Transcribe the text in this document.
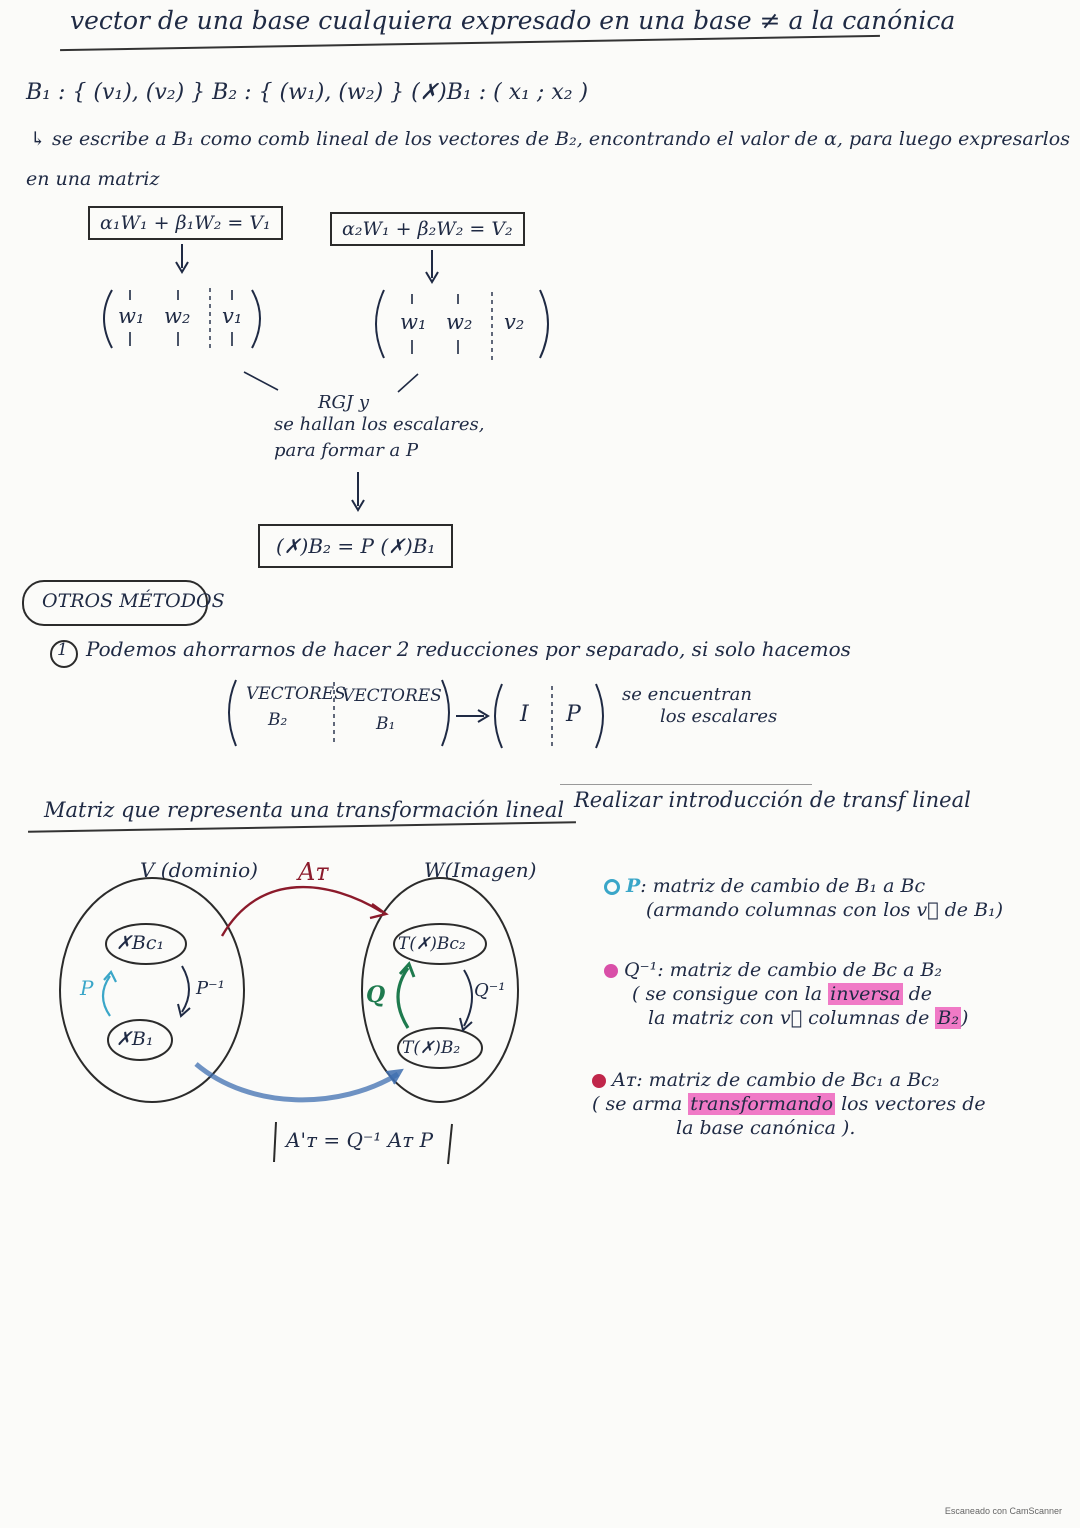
vector de una base cualquiera expresado en una base ≠ a la canónica
B₁ : { (v₁), (v₂) } B₂ : { (w₁), (w₂) } (✗)B₁ : ( x₁ ; x₂ )
↳ se escribe a B₁ como comb lineal de los vectores de B₂, encontrando el valor de α, para luego expresarlos
en una matriz
α₁W₁ + β₁W₂ = V₁	α₂W₁ + β₂W₂ = V₂
w₁ w₂ v₁	w₁ w₂ v₂
RGJ y
se hallan los escalares,
para formar a P
(✗)B₂ = P (✗)B₁
OTROS MÉTODOS
1 Podemos ahorrarnos de hacer 2 reducciones por separado, si solo hacemos
VECTORES
VECTORES
B₂	B₁	I P
se encuentran
los escalares
Matriz que representa una transformación lineal Realizar introducción de transf lineal
V (dominio)	W(Imagen)
Aᴛ
✗Bc₁
✗B₁
T(✗)Bc₂
T(✗)B₂
P	P⁻¹	Q	Q⁻¹
A'ᴛ = Q⁻¹ Aᴛ P
P: matriz de cambio de B₁ a Bc
(armando columnas con los v⃗ de B₁)
Q⁻¹: matriz de cambio de Bc a B₂
( se consigue con la inversa de
la matriz con v⃗ columnas de B₂ )
Aᴛ: matriz de cambio de Bc₁ a Bc₂
( se arma transformando los vectores de
la base canónica ).
Escaneado con CamScanner
